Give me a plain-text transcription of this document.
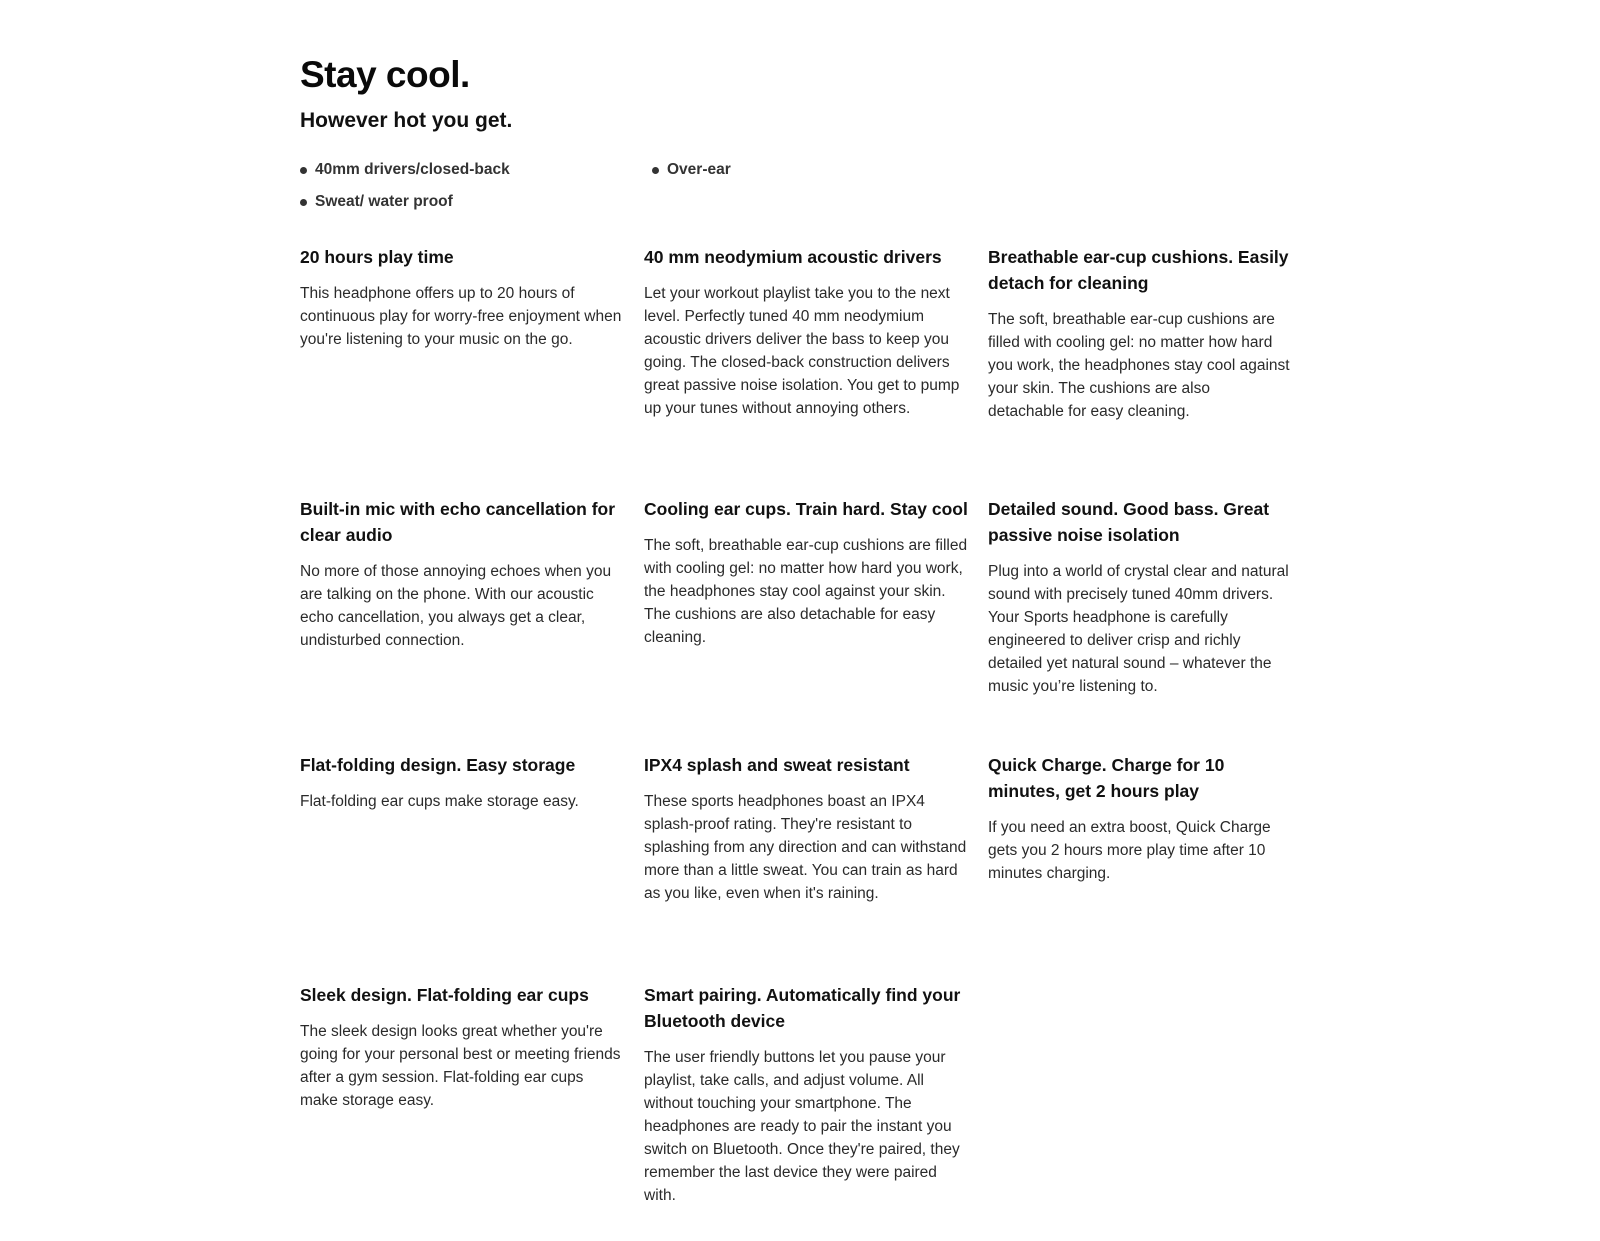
Stay cool.
However hot you get.
40mm drivers/closed-back	Over-ear
Sweat/ water proof
20 hours play time

This headphone offers up to 20 hours of continuous play for worry-free enjoyment when you're listening to your music on the go.

40 mm neodymium acoustic drivers

Let your workout playlist take you to the next level. Perfectly tuned 40 mm neodymium acoustic drivers deliver the bass to keep you going. The closed-back construction delivers great passive noise isolation. You get to pump up your tunes without annoying others.

Breathable ear-cup cushions. Easily detach for cleaning

The soft, breathable ear-cup cushions are filled with cooling gel: no matter how hard you work, the headphones stay cool against your skin. The cushions are also detachable for easy cleaning.

Built-in mic with echo cancellation for clear audio

No more of those annoying echoes when you are talking on the phone. With our acoustic echo cancellation, you always get a clear, undisturbed connection.

Cooling ear cups. Train hard. Stay cool

The soft, breathable ear-cup cushions are filled with cooling gel: no matter how hard you work, the headphones stay cool against your skin. The cushions are also detachable for easy cleaning.

Detailed sound. Good bass. Great passive noise isolation

Plug into a world of crystal clear and natural sound with precisely tuned 40mm drivers. Your Sports headphone is carefully engineered to deliver crisp and richly detailed yet natural sound – whatever the music you’re listening to.

Flat-folding design. Easy storage

Flat-folding ear cups make storage easy.

IPX4 splash and sweat resistant

These sports headphones boast an IPX4 splash-proof rating. They're resistant to splashing from any direction and can withstand more than a little sweat. You can train as hard as you like, even when it's raining.

Quick Charge. Charge for 10 minutes, get 2 hours play

If you need an extra boost, Quick Charge gets you 2 hours more play time after 10 minutes charging.

Sleek design. Flat-folding ear cups

The sleek design looks great whether you're going for your personal best or meeting friends after a gym session. Flat-folding ear cups make storage easy.

Smart pairing. Automatically find your Bluetooth device

The user friendly buttons let you pause your playlist, take calls, and adjust volume. All without touching your smartphone. The headphones are ready to pair the instant you switch on Bluetooth. Once they're paired, they remember the last device they were paired with.
